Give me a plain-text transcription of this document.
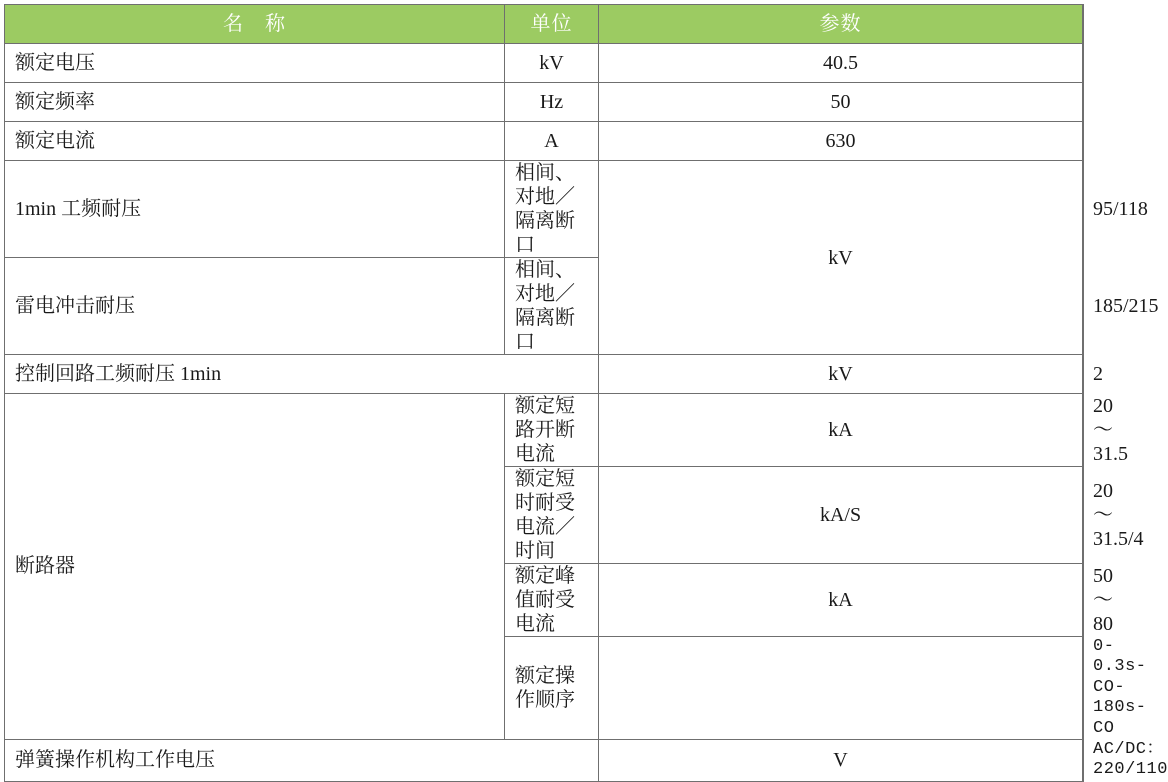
名　称	单位	参数	
额定电压	kV	40.5	
额定频率	Hz	50	
额定电流	A	630	
1min 工频耐压	相间、对地／隔离断口	kV	95/118
雷电冲击耐压	相间、对地／隔离断口		185/215
控制回路工频耐压 1min		kV	2
断路器	额定短路开断电流	kA	20 ～ 31.5
	额定短时耐受电流／时间	kA/S	20 ～ 31.5/4
	额定峰值耐受电流	kA	50 ～ 80
	额定操作顺序		0-0.3s-CO-180s-CO
弹簧操作机构工作电压		V	AC/DC：220/110
